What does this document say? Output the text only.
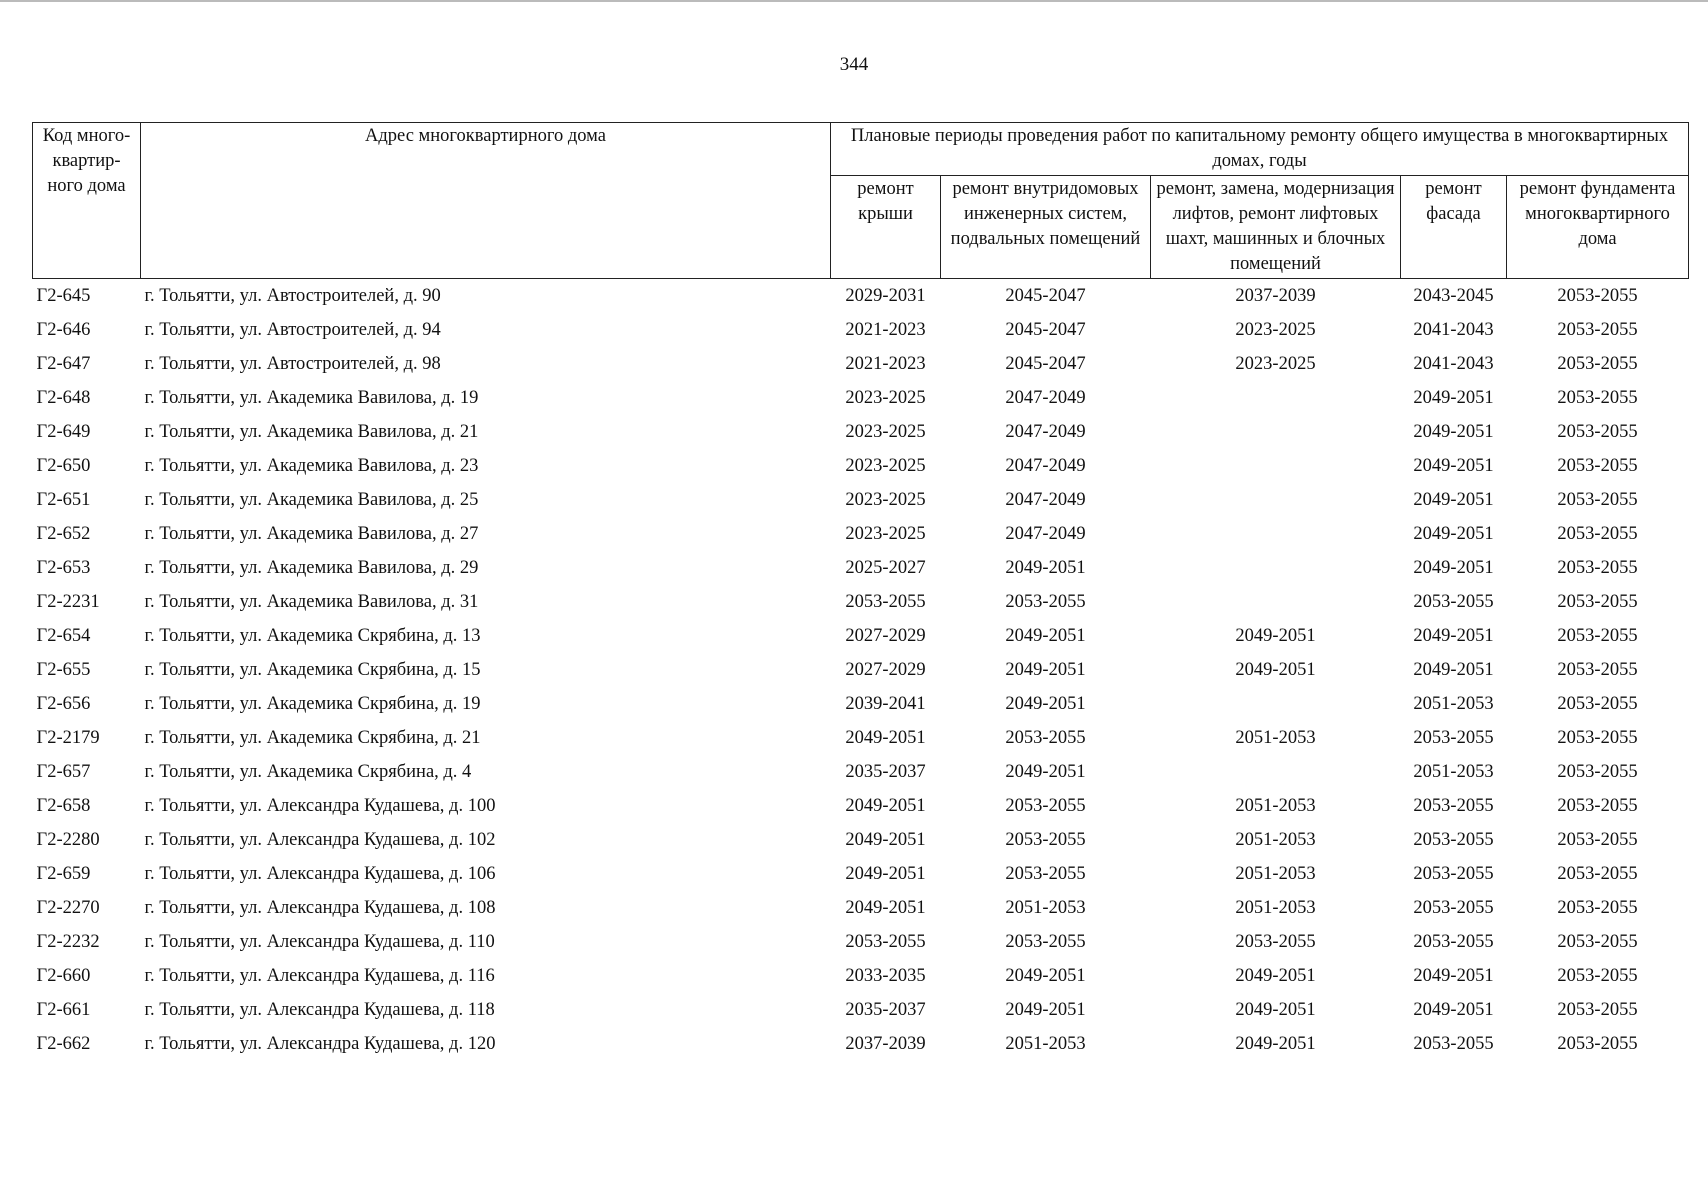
344
Код много-квартир-ного дома	Адрес многоквартирного дома	Плановые периоды проведения работ по капитальному ремонту общего имущества в многоквартирных домах, годы				
		ремонт крыши	ремонт внутридомовых инженерных систем, подвальных помещений	ремонт, замена, модернизация лифтов, ремонт лифтовых шахт, машинных и блочных помещений	ремонт фасада	ремонт фундамента многоквартирного дома
Г2-645	г. Тольятти, ул. Автостроителей, д. 90	2029-2031	2045-2047	2037-2039	2043-2045	2053-2055
Г2-646	г. Тольятти, ул. Автостроителей, д. 94	2021-2023	2045-2047	2023-2025	2041-2043	2053-2055
Г2-647	г. Тольятти, ул. Автостроителей, д. 98	2021-2023	2045-2047	2023-2025	2041-2043	2053-2055
Г2-648	г. Тольятти, ул. Академика Вавилова, д. 19	2023-2025	2047-2049		2049-2051	2053-2055
Г2-649	г. Тольятти, ул. Академика Вавилова, д. 21	2023-2025	2047-2049		2049-2051	2053-2055
Г2-650	г. Тольятти, ул. Академика Вавилова, д. 23	2023-2025	2047-2049		2049-2051	2053-2055
Г2-651	г. Тольятти, ул. Академика Вавилова, д. 25	2023-2025	2047-2049		2049-2051	2053-2055
Г2-652	г. Тольятти, ул. Академика Вавилова, д. 27	2023-2025	2047-2049		2049-2051	2053-2055
Г2-653	г. Тольятти, ул. Академика Вавилова, д. 29	2025-2027	2049-2051		2049-2051	2053-2055
Г2-2231	г. Тольятти, ул. Академика Вавилова, д. 31	2053-2055	2053-2055		2053-2055	2053-2055
Г2-654	г. Тольятти, ул. Академика Скрябина, д. 13	2027-2029	2049-2051	2049-2051	2049-2051	2053-2055
Г2-655	г. Тольятти, ул. Академика Скрябина, д. 15	2027-2029	2049-2051	2049-2051	2049-2051	2053-2055
Г2-656	г. Тольятти, ул. Академика Скрябина, д. 19	2039-2041	2049-2051		2051-2053	2053-2055
Г2-2179	г. Тольятти, ул. Академика Скрябина, д. 21	2049-2051	2053-2055	2051-2053	2053-2055	2053-2055
Г2-657	г. Тольятти, ул. Академика Скрябина, д. 4	2035-2037	2049-2051		2051-2053	2053-2055
Г2-658	г. Тольятти, ул. Александра Кудашева, д. 100	2049-2051	2053-2055	2051-2053	2053-2055	2053-2055
Г2-2280	г. Тольятти, ул. Александра Кудашева, д. 102	2049-2051	2053-2055	2051-2053	2053-2055	2053-2055
Г2-659	г. Тольятти, ул. Александра Кудашева, д. 106	2049-2051	2053-2055	2051-2053	2053-2055	2053-2055
Г2-2270	г. Тольятти, ул. Александра Кудашева, д. 108	2049-2051	2051-2053	2051-2053	2053-2055	2053-2055
Г2-2232	г. Тольятти, ул. Александра Кудашева, д. 110	2053-2055	2053-2055	2053-2055	2053-2055	2053-2055
Г2-660	г. Тольятти, ул. Александра Кудашева, д. 116	2033-2035	2049-2051	2049-2051	2049-2051	2053-2055
Г2-661	г. Тольятти, ул. Александра Кудашева, д. 118	2035-2037	2049-2051	2049-2051	2049-2051	2053-2055
Г2-662	г. Тольятти, ул. Александра Кудашева, д. 120	2037-2039	2051-2053	2049-2051	2053-2055	2053-2055
